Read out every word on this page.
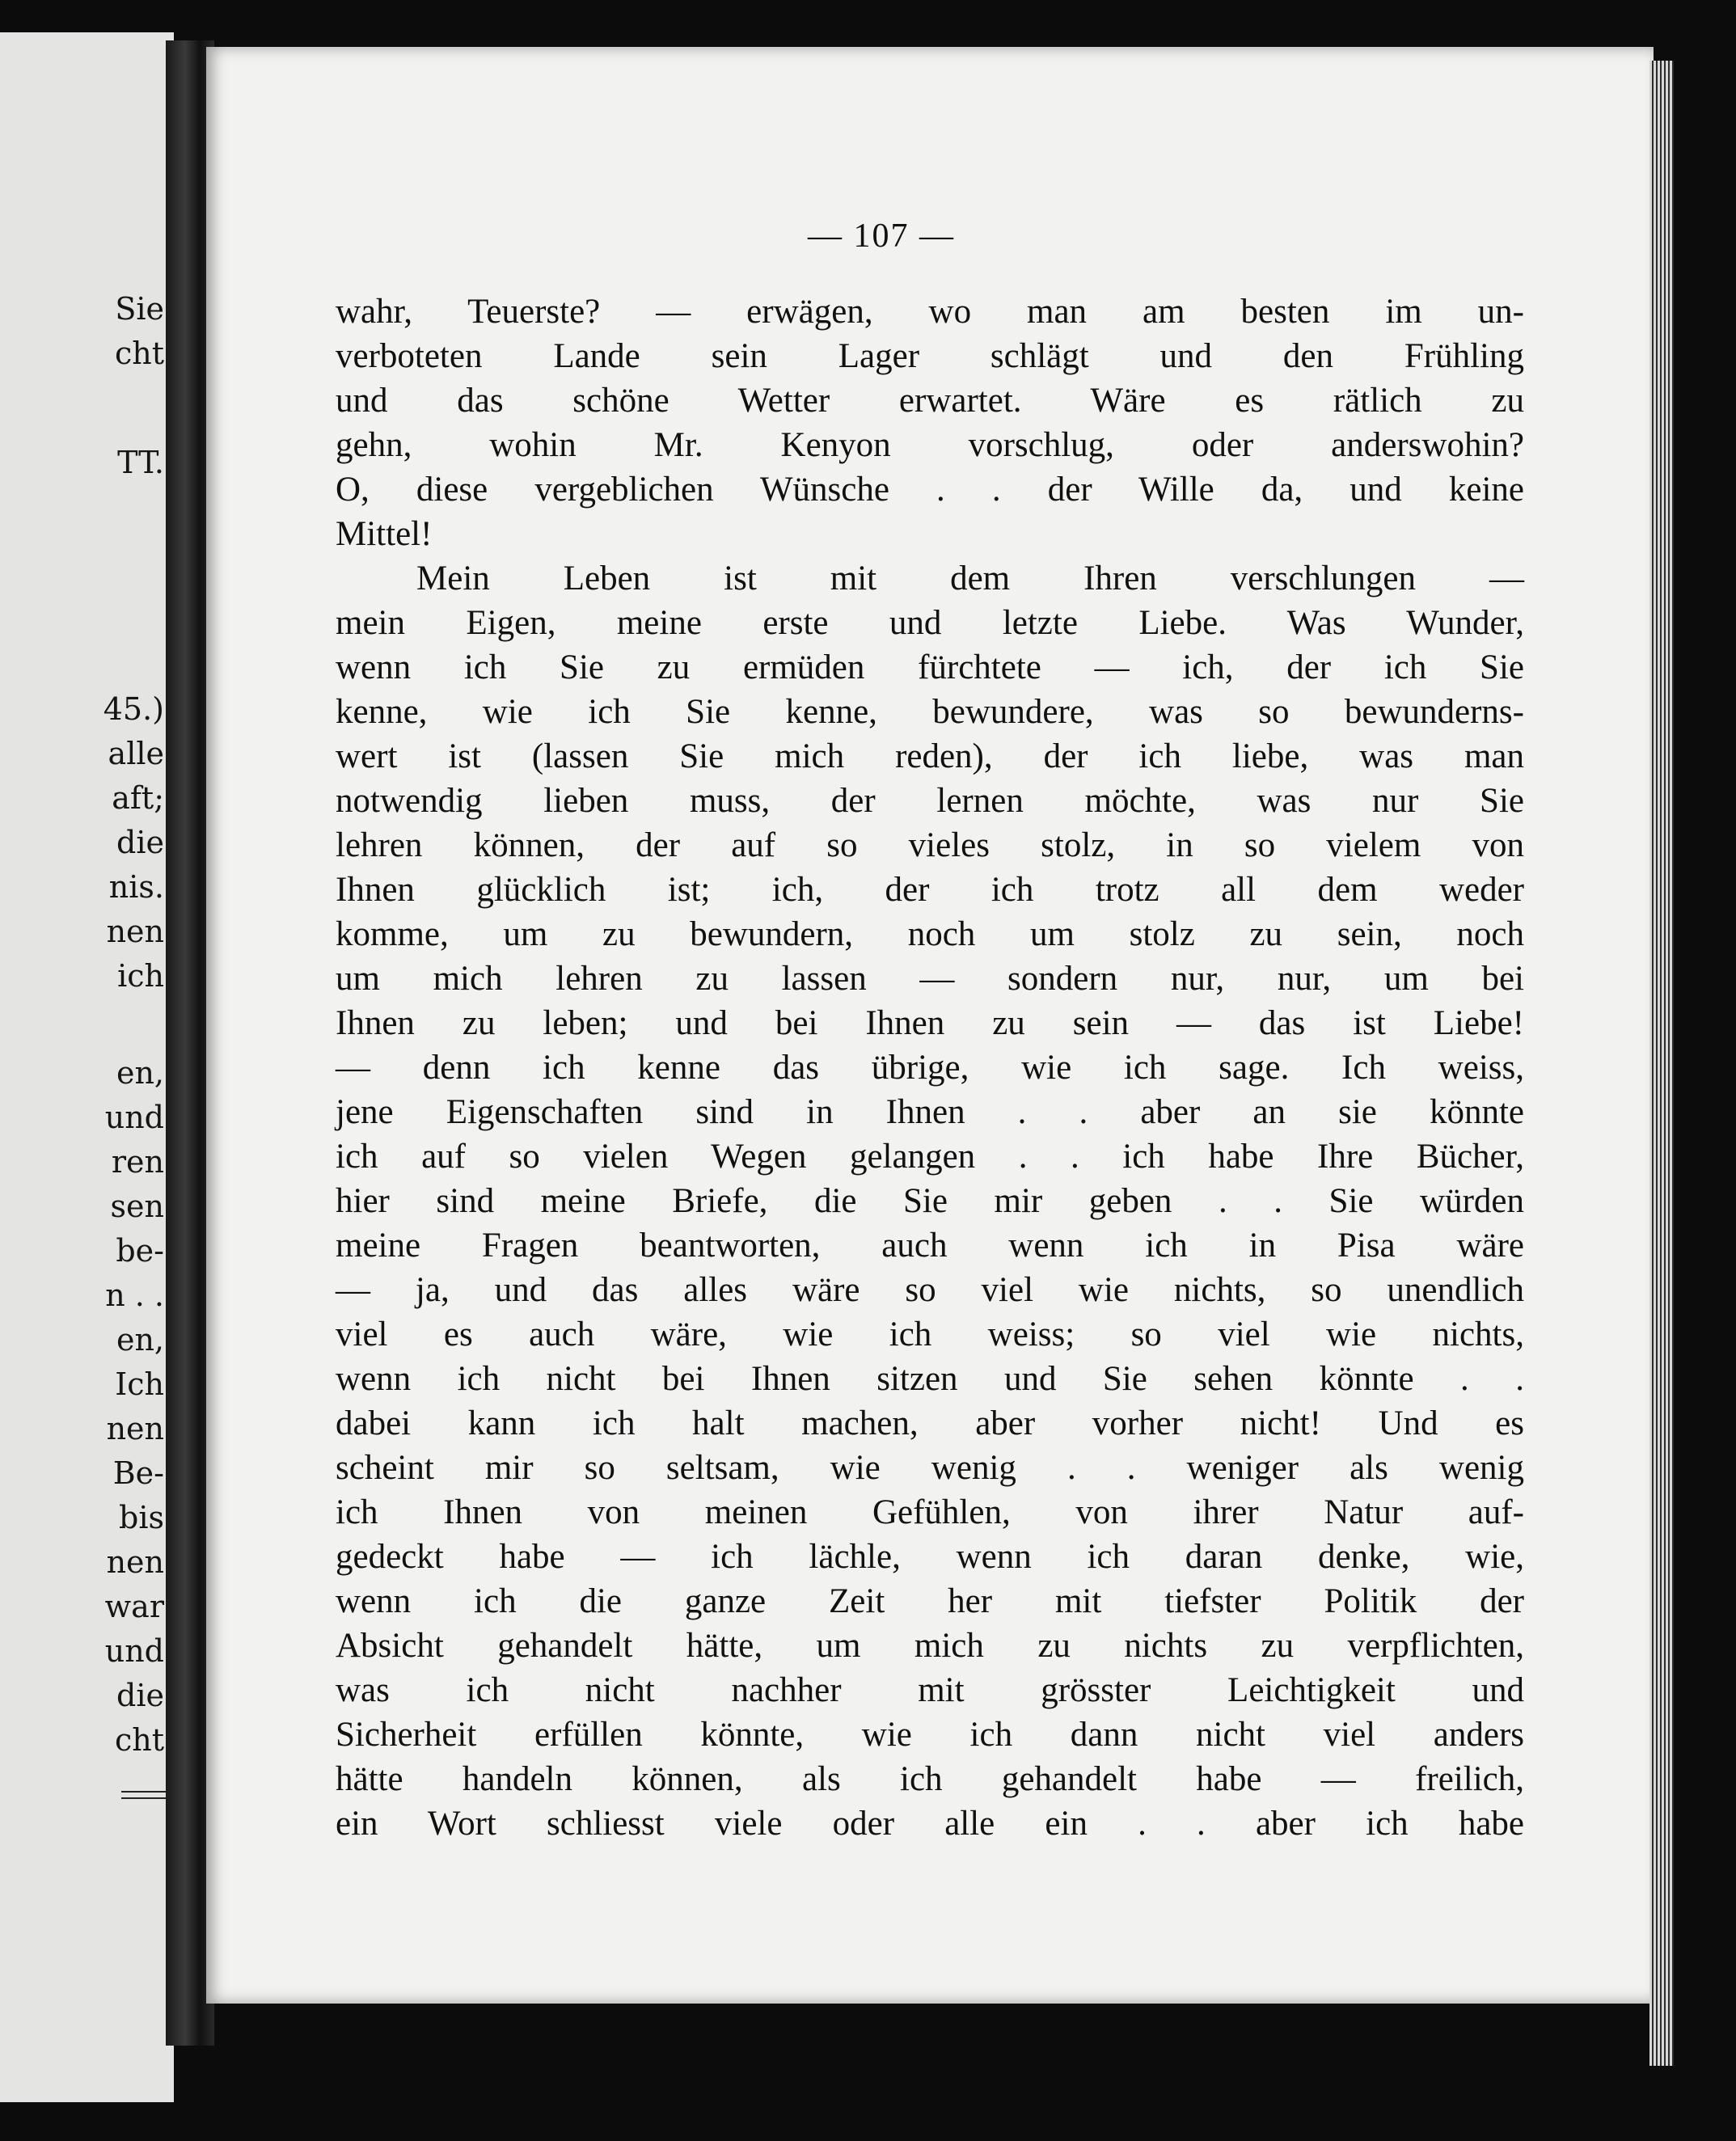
Sie
cht
TT.
45.)
alle
aft;
die
nis.
nen
ich
en,
und
ren
sen
be-
n . .
en,
Ich
nen
Be-
bis
nen
war
und
die
cht
— 107 —
wahr, Teuerste? — erwägen, wo man am besten im un-
verboteten Lande sein Lager schlägt und den Frühling
und das schöne Wetter erwartet. Wäre es rätlich zu
gehn, wohin Mr. Kenyon vorschlug, oder anderswohin?
O, diese vergeblichen Wünsche . . der Wille da, und keine
Mittel!
Mein Leben ist mit dem Ihren verschlungen —
mein Eigen, meine erste und letzte Liebe. Was Wunder,
wenn ich Sie zu ermüden fürchtete — ich, der ich Sie
kenne, wie ich Sie kenne, bewundere, was so bewunderns-
wert ist (lassen Sie mich reden), der ich liebe, was man
notwendig lieben muss, der lernen möchte, was nur Sie
lehren können, der auf so vieles stolz, in so vielem von
Ihnen glücklich ist; ich, der ich trotz all dem weder
komme, um zu bewundern, noch um stolz zu sein, noch
um mich lehren zu lassen — sondern nur, nur, um bei
Ihnen zu leben; und bei Ihnen zu sein — das ist Liebe!
— denn ich kenne das übrige, wie ich sage. Ich weiss,
jene Eigenschaften sind in Ihnen . . aber an sie könnte
ich auf so vielen Wegen gelangen . . ich habe Ihre Bücher,
hier sind meine Briefe, die Sie mir geben . . Sie würden
meine Fragen beantworten, auch wenn ich in Pisa wäre
— ja, und das alles wäre so viel wie nichts, so unendlich
viel es auch wäre, wie ich weiss; so viel wie nichts,
wenn ich nicht bei Ihnen sitzen und Sie sehen könnte . .
dabei kann ich halt machen, aber vorher nicht! Und es
scheint mir so seltsam, wie wenig . . weniger als wenig
ich Ihnen von meinen Gefühlen, von ihrer Natur auf-
gedeckt habe — ich lächle, wenn ich daran denke, wie,
wenn ich die ganze Zeit her mit tiefster Politik der
Absicht gehandelt hätte, um mich zu nichts zu verpflichten,
was ich nicht nachher mit grösster Leichtigkeit und
Sicherheit erfüllen könnte, wie ich dann nicht viel anders
hätte handeln können, als ich gehandelt habe — freilich,
ein Wort schliesst viele oder alle ein . . aber ich habe
